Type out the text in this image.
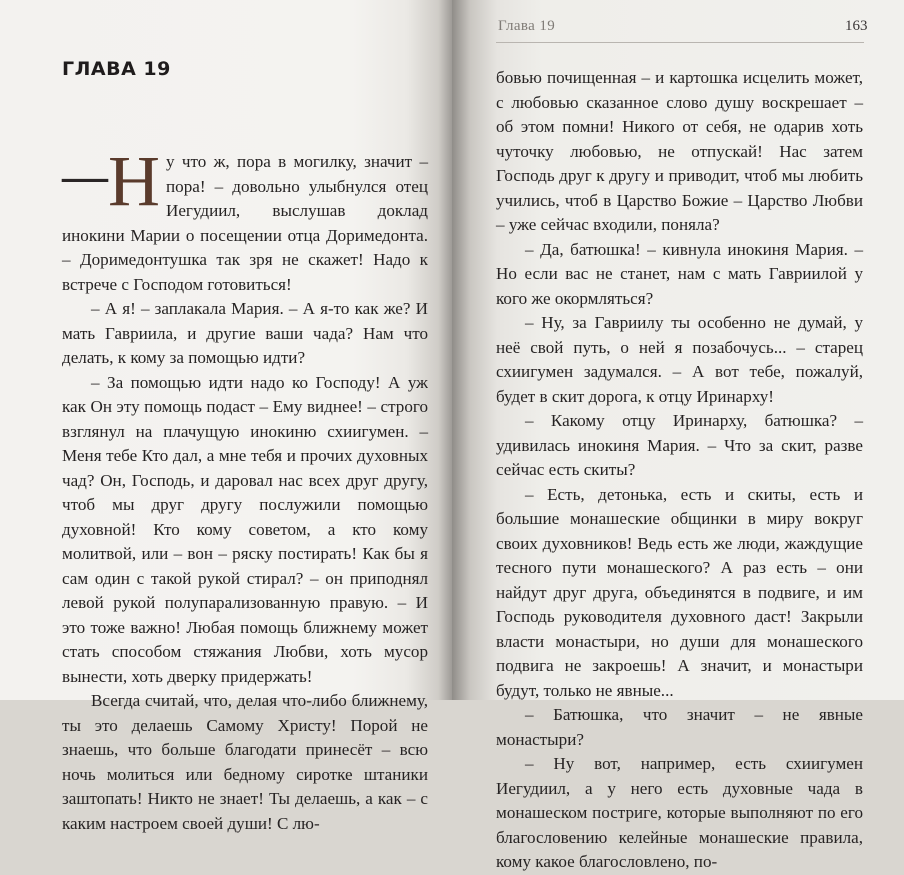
ГЛАВА 19

— Н у что ж, пора в могилку, значит – пора! – довольно улыбнулся отец Иегудиил, выслушав доклад инокини Марии о посещении отца Доримедонта. – Доримедонтушка так зря не скажет! Надо к встрече с Господом готовиться!

– А я! – заплакала Мария. – А я-то как же? И мать Гавриила, и другие ваши чада? Нам что делать, к кому за помощью идти?

– За помощью идти надо ко Господу! А уж как Он эту помощь подаст – Ему виднее! – строго взглянул на плачущую инокиню схиигумен. – Меня тебе Кто дал, а мне тебя и прочих духовных чад? Он, Господь, и даровал нас всех друг другу, чтоб мы друг другу послужили помощью духовной! Кто кому советом, а кто кому молитвой, или – вон – ряску постирать! Как бы я сам один с такой рукой стирал? – он приподнял левой рукой полупарализованную правую. – И это тоже важно! Любая помощь ближнему может стать способом стяжания Любви, хоть мусор вынести, хоть дверку придержать!

Всегда считай, что, делая что-либо ближнему, ты это делаешь Самому Христу! Порой не знаешь, что больше благодати принесёт – всю ночь молиться или бедному сиротке штаники заштопать! Никто не знает! Ты делаешь, а как – с каким настроем своей души! С лю-

Глава 19	163

бовью почищенная – и картошка исцелить может, с любовью сказанное слово душу воскрешает – об этом помни! Никого от себя, не одарив хоть чуточку любовью, не отпускай! Нас затем Господь друг к другу и приводит, чтоб мы любить учились, чтоб в Царство Божие – Царство Любви – уже сейчас входили, поняла?

– Да, батюшка! – кивнула инокиня Мария. – Но если вас не станет, нам с мать Гавриилой у кого же окормляться?

– Ну, за Гавриилу ты особенно не думай, у неё свой путь, о ней я позабочусь... – старец схиигумен задумался. – А вот тебе, пожалуй, будет в скит дорога, к отцу Иринарху!

– Какому отцу Иринарху, батюшка? – удивилась инокиня Мария. – Что за скит, разве сейчас есть скиты?

– Есть, детонька, есть и скиты, есть и большие монашеские общинки в миру вокруг своих духовников! Ведь есть же люди, жаждущие тесного пути монашеского? А раз есть – они найдут друг друга, объединятся в подвиге, и им Господь руководителя духовного даст! Закрыли власти монастыри, но души для монашеского подвига не закроешь! А значит, и монастыри будут, только не явные...

– Батюшка, что значит – не явные монастыри?

– Ну вот, например, есть схиигумен Иегудиил, а у него есть духовные чада в монашеском постриге, которые выполняют по его благословению келейные монашеские правила, кому какое благословлено, по-
